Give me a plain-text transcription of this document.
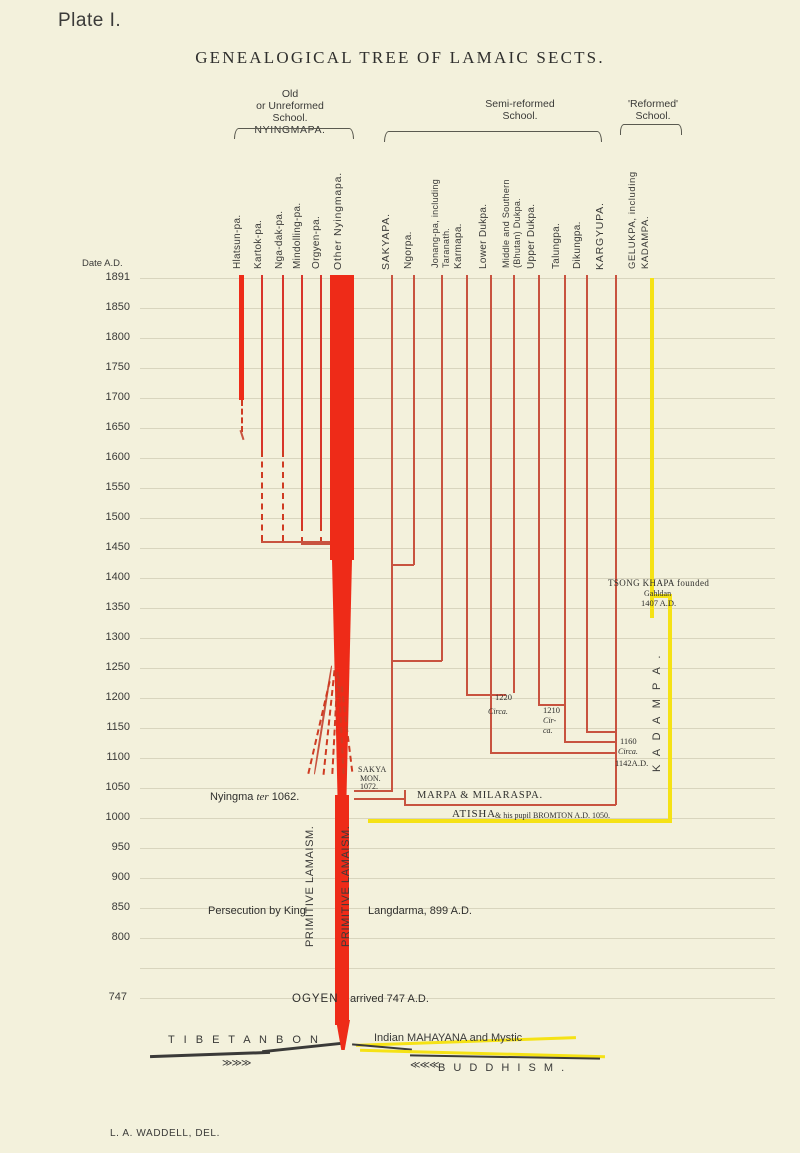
Plate I.
GENEALOGICAL TREE OF LAMAIC SECTS.
Old
or Unreformed
School.
NYINGMAPA.
Semi-reformed
School.
'Reformed'
School.
Date A.D.
1891
1850
1800
1750
1700
1650
1600
1550
1500
1450
1400
1350
1300
1250
1200
1150
1100
1050
1000
950
900
850
800
747
Hlatsun-pa. Kartok-pa. Nga-dak-pa. Mindolling-pa. Orgyen-pa. Other Nyingmapa.	SAKYAPA. Ngorpa. Jonang-pa, including Taranath. Karmapa. Lower Dukpa. Middle and Southern (Bhutan) Dukpa. Upper Dukpa. Talungpa. Dikungpa. KARGYUPA. GELUKPA, including KADAMPA.
TSONG KHAPA founded
Gahldan
1407 A.D.
K A D A M P A .
1220
Circa.	1210
Cir-
ca.
1160
Circa.
1142A.D.
SAKYA
MON.
1072.
Nyingma ter 1062.	MARPA & MILARASPA.
ATISHA & his pupil BROMTON A.D. 1050.
PRIMITIVE LAMAISM. PRIMITIVE LAMAISM.
Persecution by King	Langdarma, 899 A.D.
OGYEN arrived 747 A.D.
T I B E T A N B O N	Indian MAHAYANA and Mystic
B U D D H I S M .
≫≫≫	≪≪≪
L. A. WADDELL, DEL.
